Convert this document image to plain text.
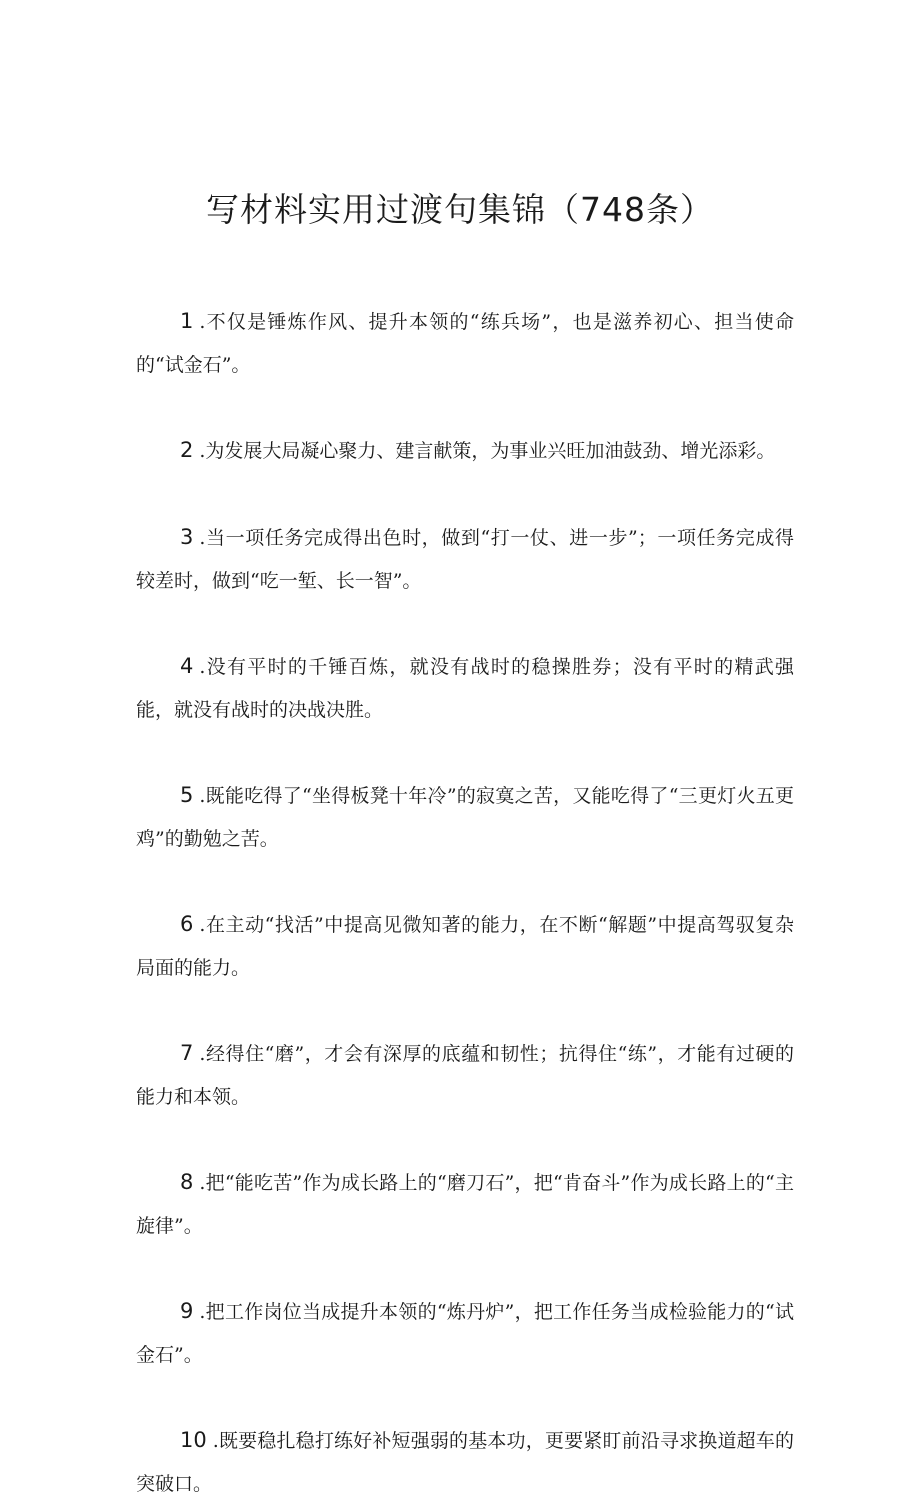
写材料实用过渡句集锦（748条）
1 .不仅是锤炼作风、提升本领的“练兵场”，也是滋养初心、担当使命的“试金石”。
2 .为发展大局凝心聚力、建言献策，为事业兴旺加油鼓劲、增光添彩。
3 .当一项任务完成得出色时，做到“打一仗、进一步”；一项任务完成得较差时，做到“吃一堑、长一智”。
4 .没有平时的千锤百炼，就没有战时的稳操胜券；没有平时的精武强能，就没有战时的决战决胜。
5 .既能吃得了“坐得板凳十年冷”的寂寞之苦，又能吃得了“三更灯火五更鸡”的勤勉之苦。
6 .在主动“找活”中提高见微知著的能力，在不断“解题”中提高驾驭复杂局面的能力。
7 .经得住“磨”，才会有深厚的底蕴和韧性；抗得住“练”，才能有过硬的能力和本领。
8 .把“能吃苦”作为成长路上的“磨刀石”，把“肯奋斗”作为成长路上的“主旋律”。
9 .把工作岗位当成提升本领的“炼丹炉”，把工作任务当成检验能力的“试金石”。
10 .既要稳扎稳打练好补短强弱的基本功，更要紧盯前沿寻求换道超车的突破口。
